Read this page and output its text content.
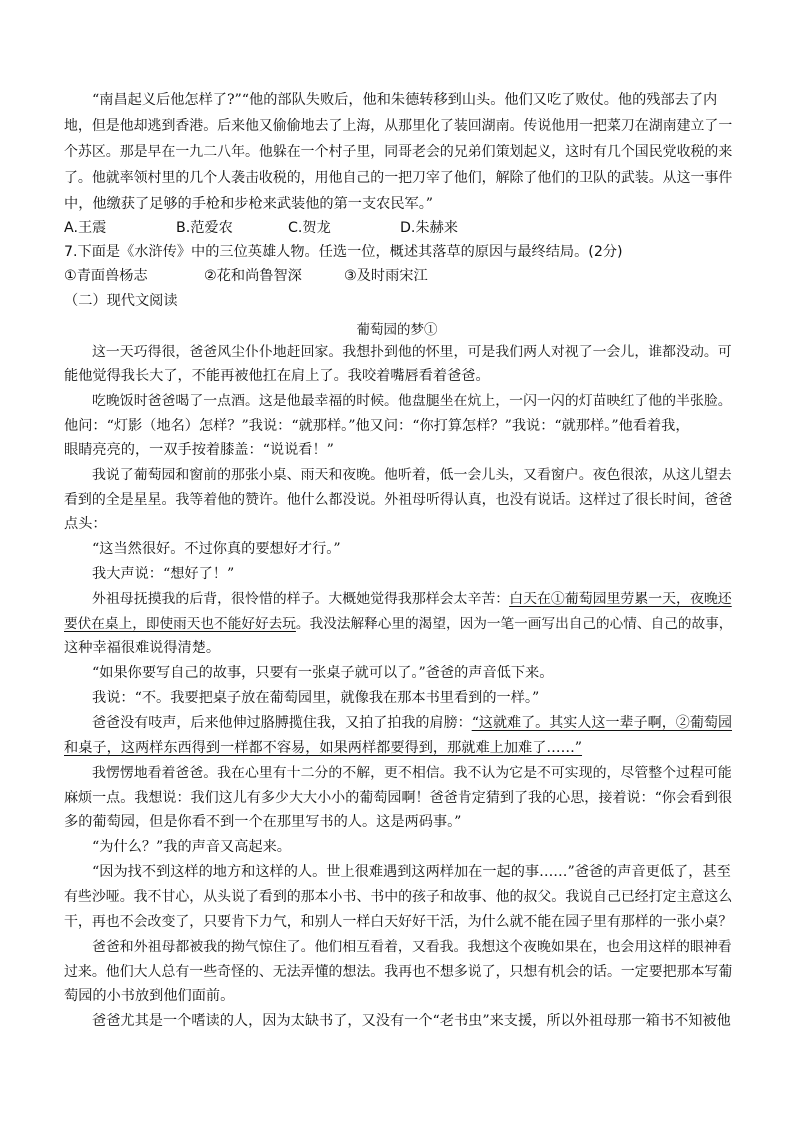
“南昌起义后他怎样了?”“他的部队失败后，他和朱德转移到山头。他们又吃了败仗。他的残部去了内
地，但是他却逃到香港。后来他又偷偷地去了上海，从那里化了装回湖南。传说他用一把菜刀在湖南建立了一
个苏区。那是早在一九二八年。他躲在一个村子里，同哥老会的兄弟们策划起义，这时有几个国民党收税的来
了。他就率领村里的几个人袭击收税的，用他自己的一把刀宰了他们，解除了他们的卫队的武装。从这一事件
中，他缴获了足够的手枪和步枪来武装他的第一支农民军。”
A.王震	B.范爱农	C.贺龙	D.朱赫来
7.下面是《水浒传》中的三位英雄人物。任选一位，概述其落草的原因与最终结局。(2分)
①青面兽杨志	②花和尚鲁智深	③及时雨宋江
（二）现代文阅读
葡萄园的梦①
这一天巧得很，爸爸风尘仆仆地赶回家。我想扑到他的怀里，可是我们两人对视了一会儿，谁都没动。可
能他觉得我长大了，不能再被他扛在肩上了。我咬着嘴唇看着爸爸。
吃晚饭时爸爸喝了一点酒。这是他最幸福的时候。他盘腿坐在炕上，一闪一闪的灯苗映红了他的半张脸。
他问：“灯影（地名）怎样？”我说：“就那样。”他又问：“你打算怎样？”我说：“就那样。”他看着我，
眼睛亮亮的，一双手按着膝盖：“说说看！”
我说了葡萄园和窗前的那张小桌、雨天和夜晚。他听着，低一会儿头，又看窗户。夜色很浓，从这儿望去
看到的全是星星。我等着他的赞许。他什么都没说。外祖母听得认真，也没有说话。这样过了很长时间，爸爸
点头：
“这当然很好。不过你真的要想好才行。”
我大声说：“想好了！”
外祖母抚摸我的后背，很怜惜的样子。大概她觉得我那样会太辛苦：白天在①葡萄园里劳累一天，夜晚还
要伏在桌上，即使雨天也不能好好去玩。我没法解释心里的渴望，因为一笔一画写出自己的心情、自己的故事，
这种幸福很难说得清楚。
“如果你要写自己的故事，只要有一张桌子就可以了。”爸爸的声音低下来。
我说：“不。我要把桌子放在葡萄园里，就像我在那本书里看到的一样。”
爸爸没有吱声，后来他伸过胳膊揽住我，又拍了拍我的肩膀：“这就难了。其实人这一辈子啊，②葡萄园
和桌子，这两样东西得到一样都不容易，如果两样都要得到，那就难上加难了……”
我愣愣地看着爸爸。我在心里有十二分的不解，更不相信。我不认为它是不可实现的，尽管整个过程可能
麻烦一点。我想说：我们这儿有多少大大小小的葡萄园啊！爸爸肯定猜到了我的心思，接着说：“你会看到很
多的葡萄园，但是你看不到一个在那里写书的人。这是两码事。”
“为什么？”我的声音又高起来。
“因为找不到这样的地方和这样的人。世上很难遇到这两样加在一起的事……”爸爸的声音更低了，甚至
有些沙哑。我不甘心，从头说了看到的那本小书、书中的孩子和故事、他的叔父。我说自己已经打定主意这么
干，再也不会改变了，只要肯下力气，和别人一样白天好好干活，为什么就不能在园子里有那样的一张小桌？
爸爸和外祖母都被我的拗气惊住了。他们相互看着，又看我。我想这个夜晚如果在，也会用这样的眼神看
过来。他们大人总有一些奇怪的、无法弄懂的想法。我再也不想多说了，只想有机会的话。一定要把那本写葡
萄园的小书放到他们面前。
爸爸尤其是一个嗜读的人，因为太缺书了，又没有一个“老书虫”来支援，所以外祖母那一箱书不知被他
